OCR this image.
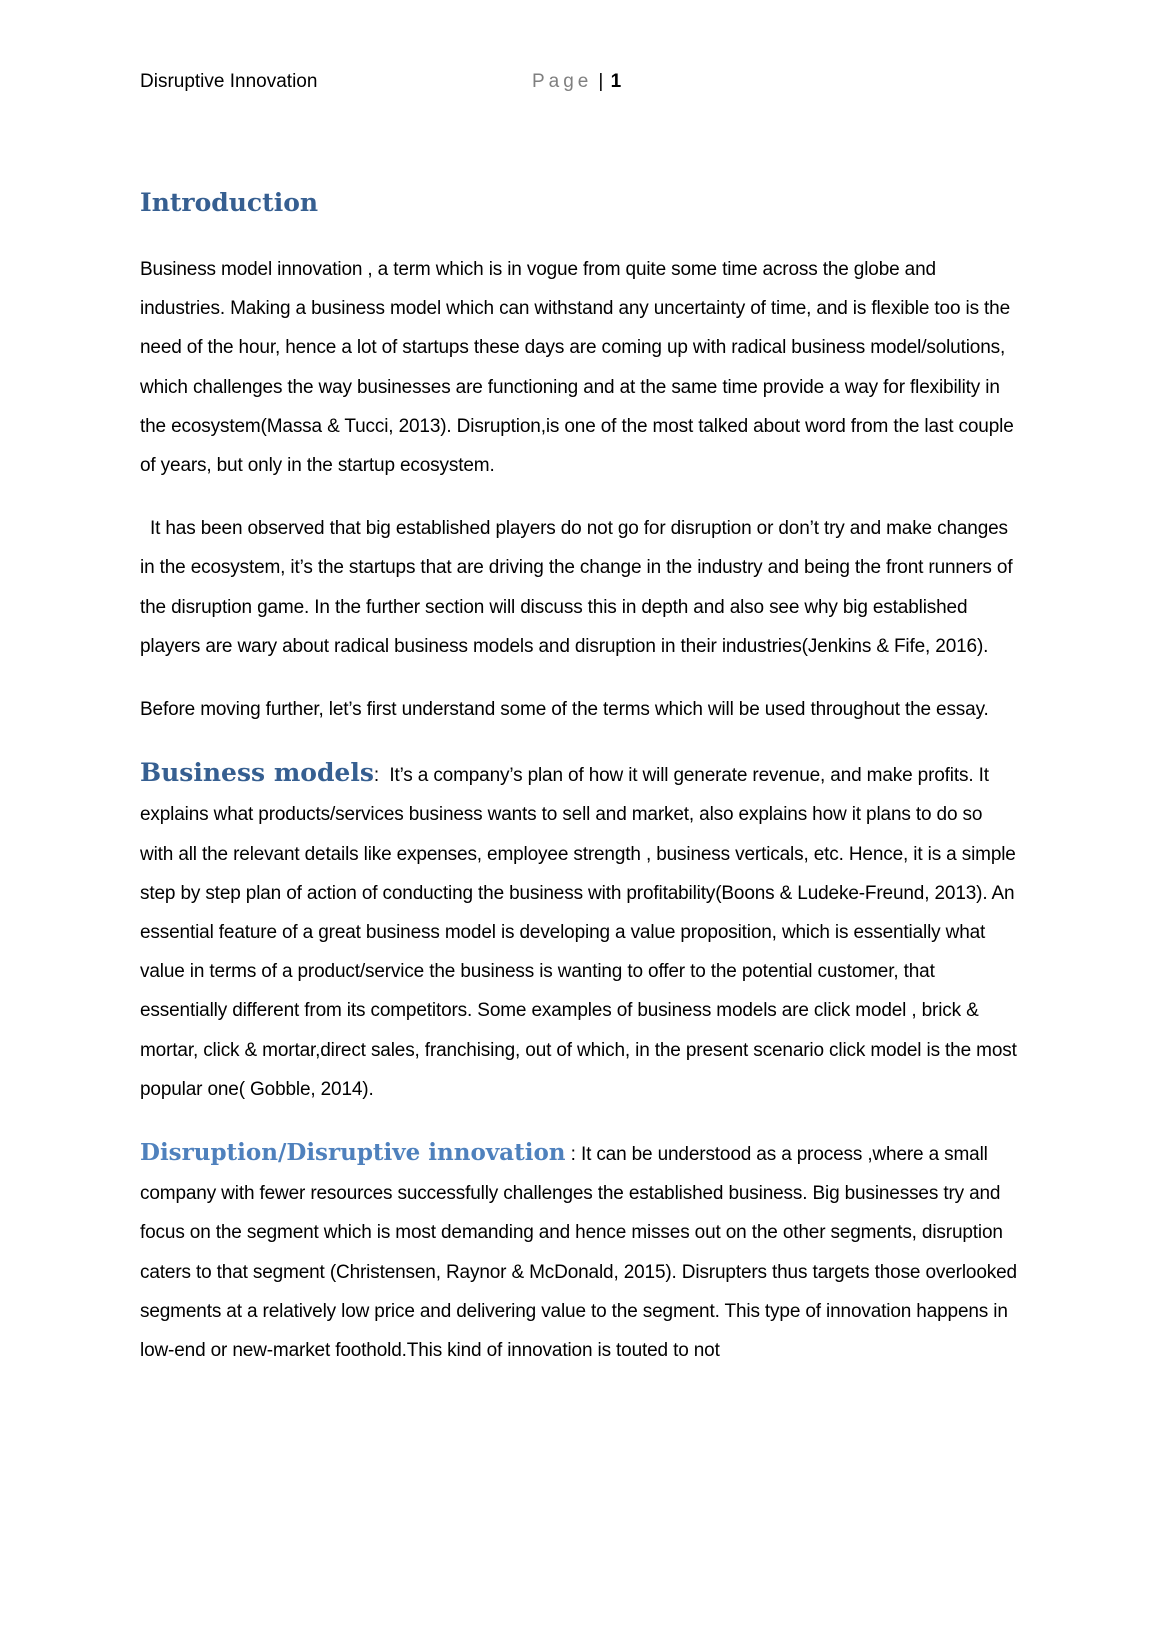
Disruptive Innovation	Page | 1
Introduction

Business model innovation , a term which is in vogue from quite some time across the globe and industries. Making a business model which can withstand any uncertainty of time, and is flexible too is the need of the hour, hence a lot of startups these days are coming up with radical business model/solutions, which challenges the way businesses are functioning and at the same time provide a way for flexibility in the ecosystem(Massa & Tucci, 2013). Disruption,is one of the most talked about word from the last couple of years, but only in the startup ecosystem.

It has been observed that big established players do not go for disruption or don’t try and make changes in the ecosystem, it’s the startups that are driving the change in the industry and being the front runners of the disruption game. In the further section will discuss this in depth and also see why big established players are wary about radical business models and disruption in their industries(Jenkins & Fife, 2016).

Before moving further, let’s first understand some of the terms which will be used throughout the essay.

Business models: It’s a company’s plan of how it will generate revenue, and make profits. It explains what products/services business wants to sell and market, also explains how it plans to do so with all the relevant details like expenses, employee strength , business verticals, etc. Hence, it is a simple step by step plan of action of conducting the business with profitability(Boons & Ludeke-Freund, 2013). An essential feature of a great business model is developing a value proposition, which is essentially what value in terms of a product/service the business is wanting to offer to the potential customer, that essentially different from its competitors. Some examples of business models are click model , brick & mortar, click & mortar,direct sales, franchising, out of which, in the present scenario click model is the most popular one( Gobble, 2014).

Disruption/Disruptive innovation : It can be understood as a process ,where a small company with fewer resources successfully challenges the established business. Big businesses try and focus on the segment which is most demanding and hence misses out on the other segments, disruption caters to that segment (Christensen, Raynor & McDonald, 2015). Disrupters thus targets those overlooked segments at a relatively low price and delivering value to the segment. This type of innovation happens in low-end or new-market foothold.This kind of innovation is touted to not
